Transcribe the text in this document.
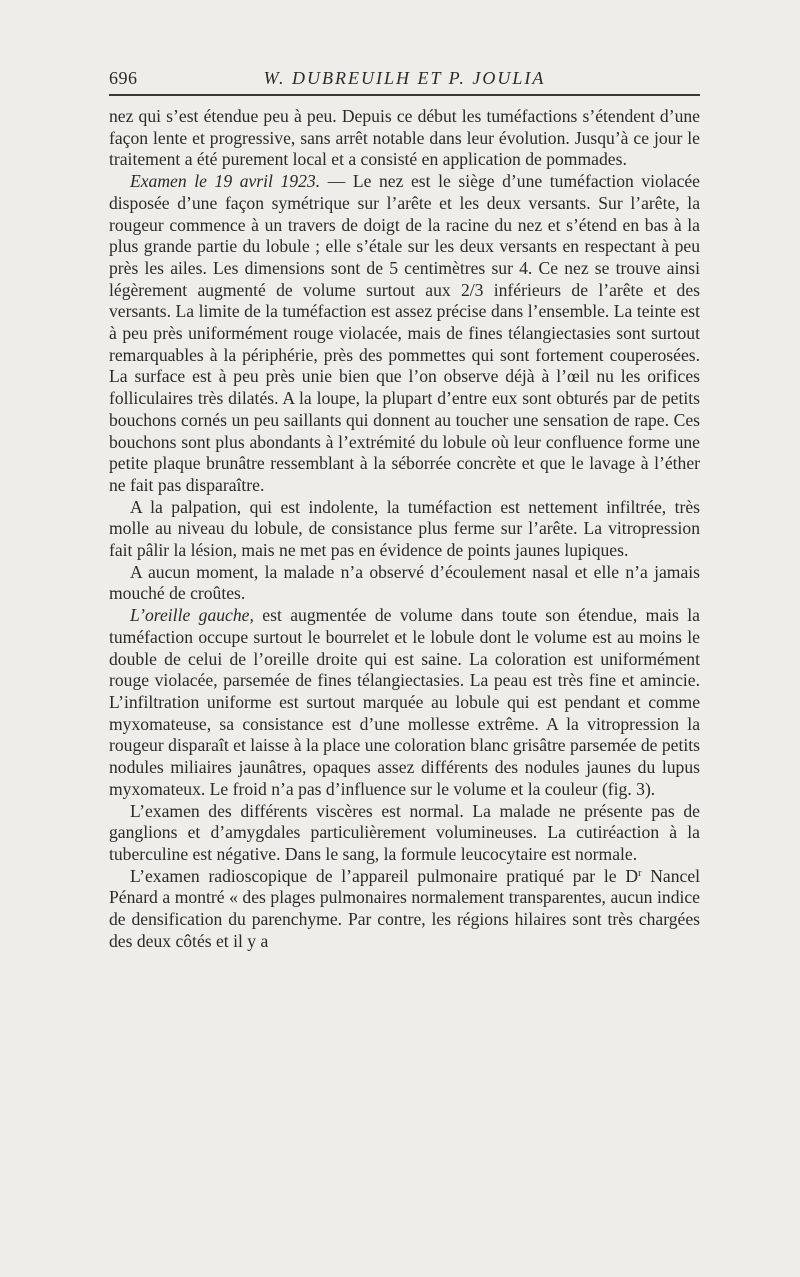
696	W. DUBREUILH ET P. JOULIA

nez qui s’est étendue peu à peu. Depuis ce début les tuméfactions s’étendent d’une façon lente et progressive, sans arrêt notable dans leur évolution. Jusqu’à ce jour le traitement a été purement local et a consisté en application de pommades.

Examen le 19 avril 1923. — Le nez est le siège d’une tuméfaction violacée disposée d’une façon symétrique sur l’arête et les deux versants. Sur l’arête, la rougeur commence à un travers de doigt de la racine du nez et s’étend en bas à la plus grande partie du lobule ; elle s’étale sur les deux versants en respectant à peu près les ailes. Les dimensions sont de 5 centimètres sur 4. Ce nez se trouve ainsi légèrement augmenté de volume surtout aux 2/3 inférieurs de l’arête et des versants. La limite de la tuméfaction est assez précise dans l’ensemble. La teinte est à peu près uniformément rouge violacée, mais de fines télangiectasies sont surtout remarquables à la périphérie, près des pommettes qui sont fortement couperosées. La surface est à peu près unie bien que l’on observe déjà à l’œil nu les orifices folliculaires très dilatés. A la loupe, la plupart d’entre eux sont obturés par de petits bouchons cornés un peu saillants qui donnent au toucher une sensation de rape. Ces bouchons sont plus abondants à l’extrémité du lobule où leur confluence forme une petite plaque brunâtre ressemblant à la séborrée concrète et que le lavage à l’éther ne fait pas disparaître.

A la palpation, qui est indolente, la tuméfaction est nettement infiltrée, très molle au niveau du lobule, de consistance plus ferme sur l’arête. La vitropression fait pâlir la lésion, mais ne met pas en évidence de points jaunes lupiques.

A aucun moment, la malade n’a observé d’écoulement nasal et elle n’a jamais mouché de croûtes.

L’oreille gauche, est augmentée de volume dans toute son étendue, mais la tuméfaction occupe surtout le bourrelet et le lobule dont le volume est au moins le double de celui de l’oreille droite qui est saine. La coloration est uniformément rouge violacée, parsemée de fines télangiectasies. La peau est très fine et amincie. L’infiltration uniforme est surtout marquée au lobule qui est pendant et comme myxomateuse, sa consistance est d’une mollesse extrême. A la vitropression la rougeur disparaît et laisse à la place une coloration blanc grisâtre parsemée de petits nodules miliaires jaunâtres, opaques assez différents des nodules jaunes du lupus myxomateux. Le froid n’a pas d’influence sur le volume et la couleur (fig. 3).

L’examen des différents viscères est normal. La malade ne présente pas de ganglions et d’amygdales particulièrement volumineuses. La cutiréaction à la tuberculine est négative. Dans le sang, la formule leucocytaire est normale.

L’examen radioscopique de l’appareil pulmonaire pratiqué par le $D^r$ Nancel Pénard a montré « des plages pulmonaires normalement transparentes, aucun indice de densification du parenchyme. Par contre, les régions hilaires sont très chargées des deux côtés et il y a
